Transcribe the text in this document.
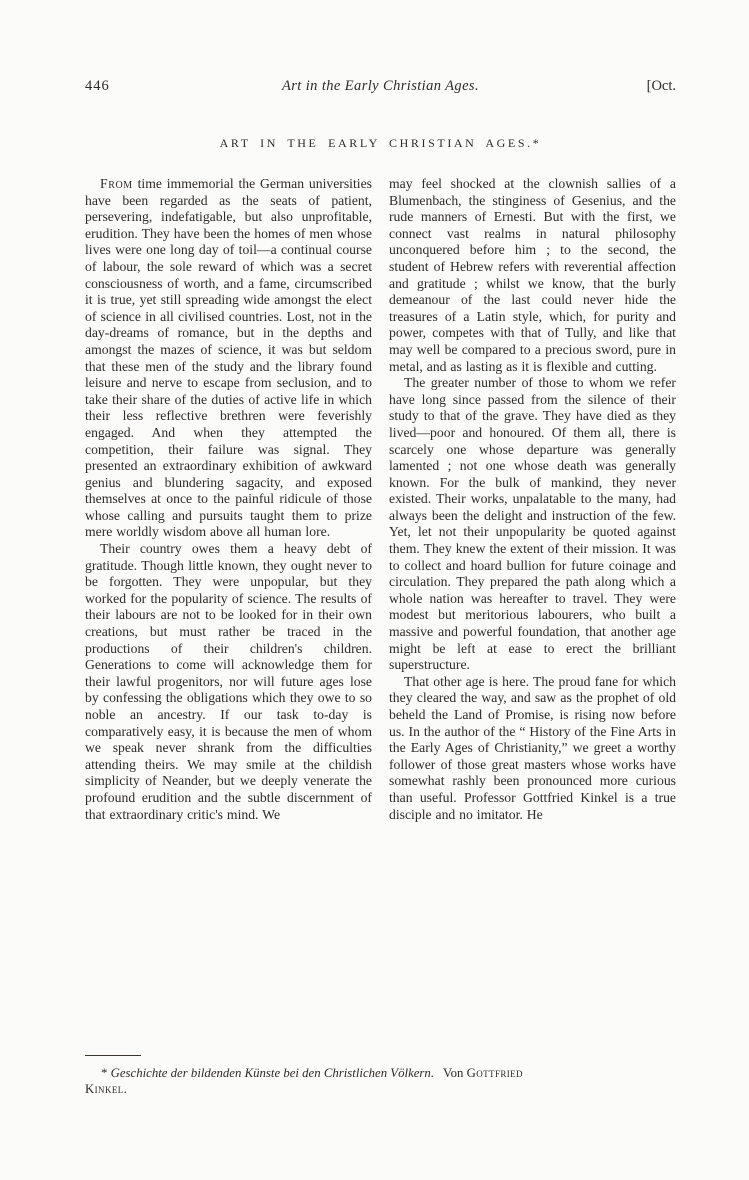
446	Art in the Early Christian Ages.	[Oct.
ART IN THE EARLY CHRISTIAN AGES.*

From time immemorial the German universities have been regarded as the seats of patient, persevering, indefatigable, but also unprofitable, erudition. They have been the homes of men whose lives were one long day of toil—a continual course of labour, the sole reward of which was a secret consciousness of worth, and a fame, circumscribed it is true, yet still spreading wide amongst the elect of science in all civilised countries. Lost, not in the day-dreams of romance, but in the depths and amongst the mazes of science, it was but seldom that these men of the study and the library found leisure and nerve to escape from seclusion, and to take their share of the duties of active life in which their less reflective brethren were feverishly engaged. And when they attempted the competition, their failure was signal. They presented an extraordinary exhibition of awkward genius and blundering sagacity, and exposed themselves at once to the painful ridicule of those whose calling and pursuits taught them to prize mere worldly wisdom above all human lore.

Their country owes them a heavy debt of gratitude. Though little known, they ought never to be forgotten. They were unpopular, but they worked for the popularity of science. The results of their labours are not to be looked for in their own creations, but must rather be traced in the productions of their children's children. Generations to come will acknowledge them for their lawful progenitors, nor will future ages lose by confessing the obligations which they owe to so noble an ancestry. If our task to-day is comparatively easy, it is because the men of whom we speak never shrank from the difficulties attending theirs. We may smile at the childish simplicity of Neander, but we deeply venerate the profound erudition and the subtle discernment of that extraordinary critic's mind. We

may feel shocked at the clownish sallies of a Blumenbach, the stinginess of Gesenius, and the rude manners of Ernesti. But with the first, we connect vast realms in natural philosophy unconquered before him ; to the second, the student of Hebrew refers with reverential affection and gratitude ; whilst we know, that the burly demeanour of the last could never hide the treasures of a Latin style, which, for purity and power, competes with that of Tully, and like that may well be compared to a precious sword, pure in metal, and as lasting as it is flexible and cutting.

The greater number of those to whom we refer have long since passed from the silence of their study to that of the grave. They have died as they lived—poor and honoured. Of them all, there is scarcely one whose departure was generally lamented ; not one whose death was generally known. For the bulk of mankind, they never existed. Their works, unpalatable to the many, had always been the delight and instruction of the few. Yet, let not their unpopularity be quoted against them. They knew the extent of their mission. It was to collect and hoard bullion for future coinage and circulation. They prepared the path along which a whole nation was hereafter to travel. They were modest but meritorious labourers, who built a massive and powerful foundation, that another age might be left at ease to erect the brilliant superstructure.

That other age is here. The proud fane for which they cleared the way, and saw as the prophet of old beheld the Land of Promise, is rising now before us. In the author of the “ History of the Fine Arts in the Early Ages of Christianity,” we greet a worthy follower of those great masters whose works have somewhat rashly been pronounced more curious than useful. Professor Gottfried Kinkel is a true disciple and no imitator. He

* Geschichte der bildenden Künste bei den Christlichen Völkern. Von Gottfried
Kinkel.
